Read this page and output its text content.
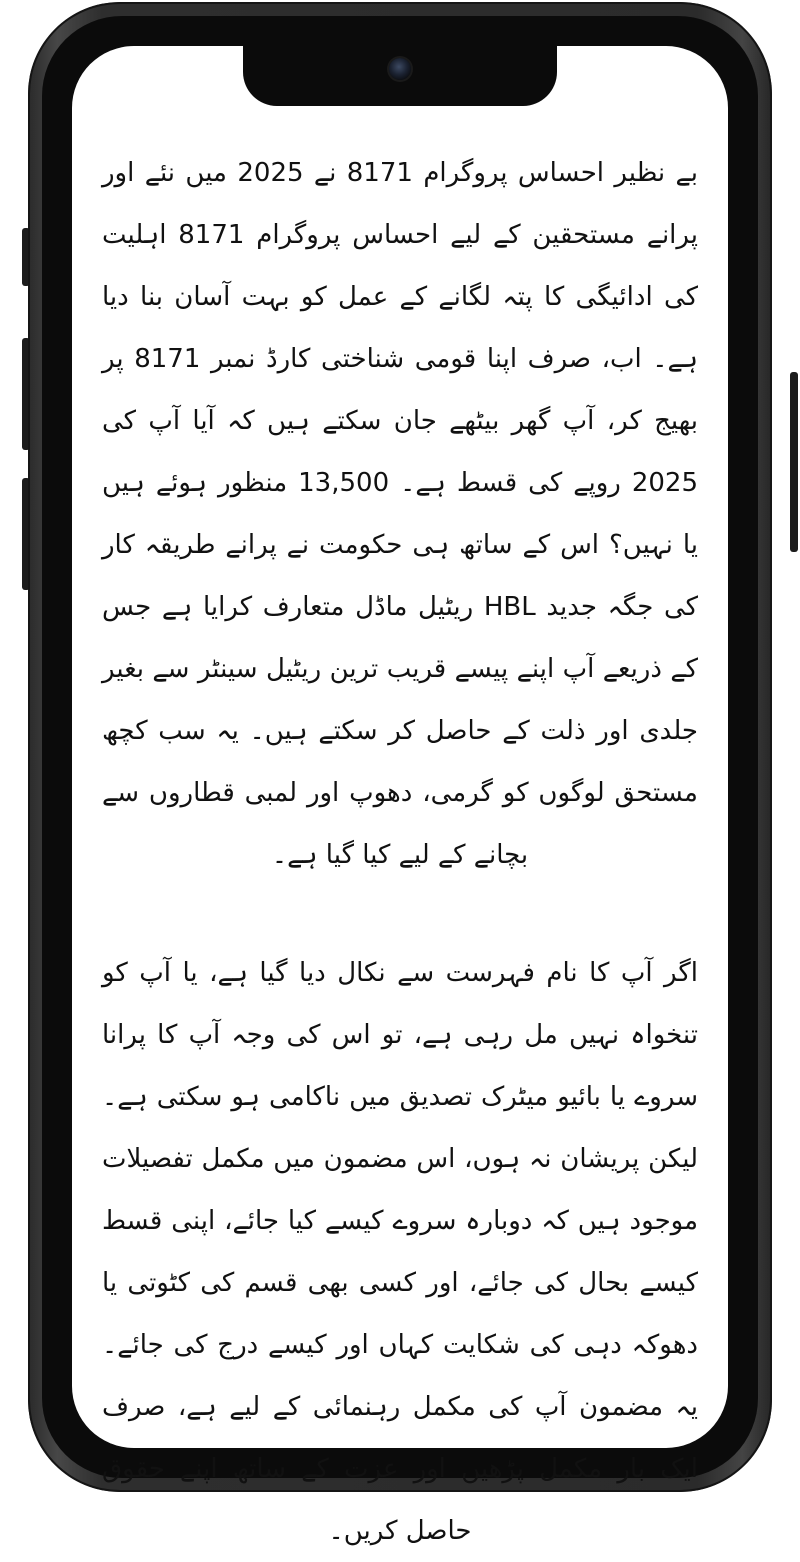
بے نظیر احساس پروگرام 8171 نے 2025 میں نئے اور پرانے مستحقین کے لیے احساس پروگرام 8171 اہلیت کی ادائیگی کا پتہ لگانے کے عمل کو بہت آسان بنا دیا ہے۔ اب، صرف اپنا قومی شناختی کارڈ نمبر 8171 پر بھیج کر، آپ گھر بیٹھے جان سکتے ہیں کہ آیا آپ کی 2025 روپے کی قسط ہے۔ 13,500 منظور ہوئے ہیں یا نہیں؟ اس کے ساتھ ہی حکومت نے پرانے طریقہ کار کی جگہ جدید HBL ریٹیل ماڈل متعارف کرایا ہے جس کے ذریعے آپ اپنے پیسے قریب ترین ریٹیل سینٹر سے بغیر جلدی اور ذلت کے حاصل کر سکتے ہیں۔ یہ سب کچھ مستحق لوگوں کو گرمی، دھوپ اور لمبی قطاروں سے بچانے کے لیے کیا گیا ہے۔

اگر آپ کا نام فہرست سے نکال دیا گیا ہے، یا آپ کو تنخواہ نہیں مل رہی ہے، تو اس کی وجہ آپ کا پرانا سروے یا بائیو میٹرک تصدیق میں ناکامی ہو سکتی ہے۔ لیکن پریشان نہ ہوں، اس مضمون میں مکمل تفصیلات موجود ہیں کہ دوبارہ سروے کیسے کیا جائے، اپنی قسط کیسے بحال کی جائے، اور کسی بھی قسم کی کٹوتی یا دھوکہ دہی کی شکایت کہاں اور کیسے درج کی جائے۔ یہ مضمون آپ کی مکمل رہنمائی کے لیے ہے، صرف ایک بار مکمل پڑھیں اور عزت کے ساتھ اپنے حقوق حاصل کریں۔
